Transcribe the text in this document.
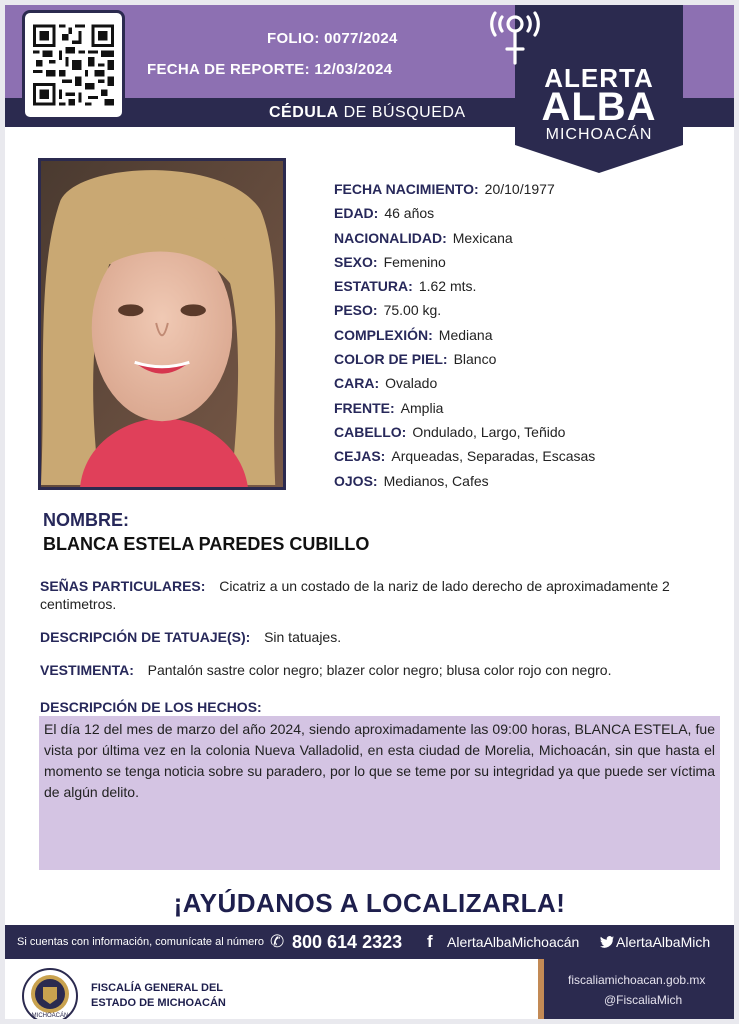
FOLIO: 0077/2024
FECHA DE REPORTE: 12/03/2024
CÉDULA DE BÚSQUEDA
ALERTA
ALBA
MICHOACÁN
FECHA NACIMIENTO: 20/10/1977
EDAD: 46 años
NACIONALIDAD: Mexicana
SEXO: Femenino
ESTATURA: 1.62 mts.
PESO: 75.00 kg.
COMPLEXIÓN: Mediana
COLOR DE PIEL: Blanco
CARA: Ovalado
FRENTE: Amplia
CABELLO: Ondulado, Largo, Teñido
CEJAS: Arqueadas, Separadas, Escasas
OJOS: Medianos, Cafes
NOMBRE:
BLANCA ESTELA PAREDES CUBILLO
SEÑAS PARTICULARES: Cicatriz a un costado de la nariz de lado derecho de aproximadamente 2 centimetros.
DESCRIPCIÓN DE TATUAJE(S): Sin tatuajes.
VESTIMENTA: Pantalón sastre color negro; blazer color negro; blusa color rojo con negro.
DESCRIPCIÓN DE LOS HECHOS:
El día 12 del mes de marzo del año 2024, siendo aproximadamente las 09:00 horas, BLANCA ESTELA, fue vista por última vez en la colonia Nueva Valladolid, en esta ciudad de Morelia, Michoacán, sin que hasta el momento se tenga noticia sobre su paradero, por lo que se teme por su integridad ya que puede ser víctima de algún delito.
¡AYÚDANOS A LOCALIZARLA!
Si cuentas con información, comunícate al número ✆ 800 614 2323 f AlertaAlbaMichoacán	AlertaAlbaMich
MICHOACÁN
FGE
FISCALÍA GENERAL DEL
ESTADO DE MICHOACÁN
fiscaliamichoacan.gob.mx
@FiscaliaMich
